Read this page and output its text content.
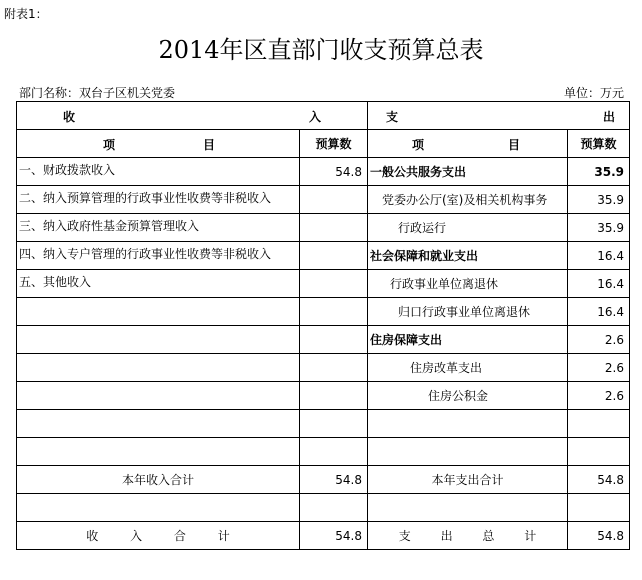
附表1：
2014年区直部门收支预算总表
部门名称：双台子区机关党委	单位：万元
收 入		支 出	

项 目	预算数	项 目	预算数
一、财政拨款收入	54.8	一般公共服务支出	35.9
二、纳入预算管理的行政事业性收费等非税收入		党委办公厅(室)及相关机构事务	35.9
三、纳入政府性基金预算管理收入		行政运行	35.9
四、纳入专户管理的行政事业性收费等非税收入		社会保障和就业支出	16.4
五、其他收入		行政事业单位离退休	16.4
		归口行政事业单位离退休	16.4
		住房保障支出	2.6
		住房改革支出	2.6
		住房公积金	2.6

本年收入合计	54.8	本年支出合计	54.8

收 入 合 计	54.8	支 出 总 计	54.8
